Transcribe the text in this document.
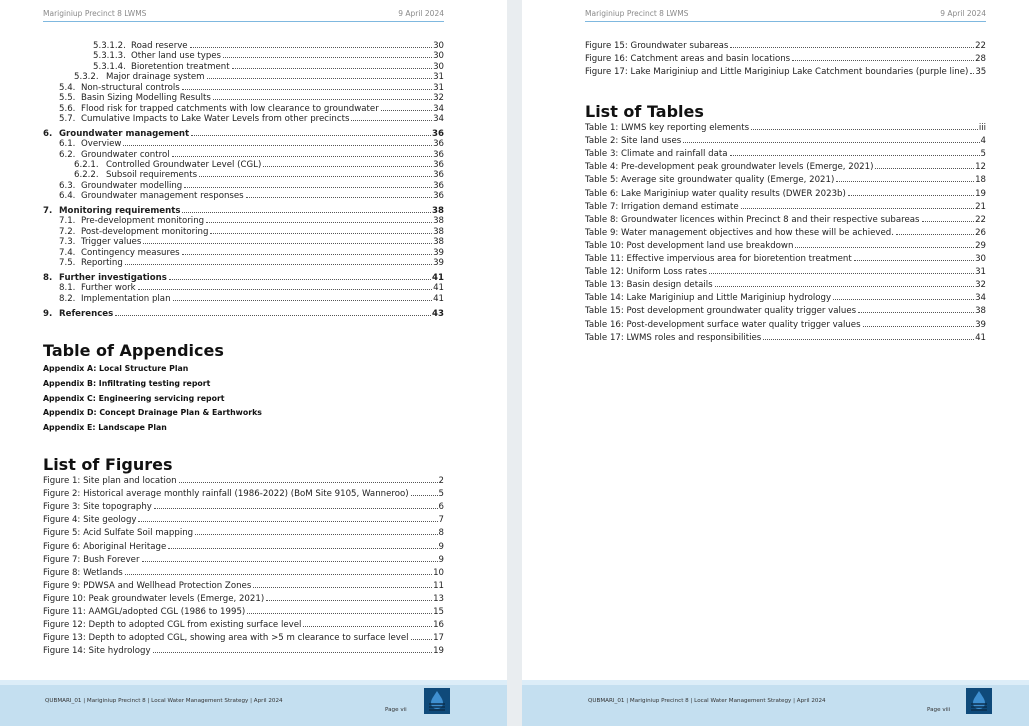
Mariginiup Precinct 8 LWMS	9 April 2024
5.3.1.2. Road reserve	30
5.3.1.3. Other land use types	30
5.3.1.4. Bioretention treatment	30
5.3.2. Major drainage system	31
5.4. Non-structural controls	31
5.5. Basin Sizing Modelling Results	32
5.6. Flood risk for trapped catchments with low clearance to groundwater	34
5.7. Cumulative Impacts to Lake Water Levels from other precincts	34
6. Groundwater management	36
6.1. Overview	36
6.2. Groundwater control	36
6.2.1. Controlled Groundwater Level (CGL)	36
6.2.2. Subsoil requirements	36
6.3. Groundwater modelling	36
6.4. Groundwater management responses	36
7. Monitoring requirements	38
7.1. Pre-development monitoring	38
7.2. Post-development monitoring	38
7.3. Trigger values	38
7.4. Contingency measures	39
7.5. Reporting	39
8. Further investigations	41
8.1. Further work	41
8.2. Implementation plan	41
9. References	43
Table of Appendices
Appendix A: Local Structure Plan
Appendix B: Infiltrating testing report
Appendix C: Engineering servicing report
Appendix D: Concept Drainage Plan & Earthworks
Appendix E: Landscape Plan
List of Figures
Figure 1: Site plan and location	2
Figure 2: Historical average monthly rainfall (1986-2022) (BoM Site 9105, Wanneroo)	5
Figure 3: Site topography	6
Figure 4: Site geology	7
Figure 5: Acid Sulfate Soil mapping	8
Figure 6: Aboriginal Heritage	9
Figure 7: Bush Forever	9
Figure 8: Wetlands	10
Figure 9: PDWSA and Wellhead Protection Zones	11
Figure 10: Peak groundwater levels (Emerge, 2021)	13
Figure 11: AAMGL/adopted CGL (1986 to 1995)	15
Figure 12: Depth to adopted CGL from existing surface level	16
Figure 13: Depth to adopted CGL, showing area with >5 m clearance to surface level	17
Figure 14: Site hydrology	19
QUBMARI_01 | Mariginiup Precinct 8 | Local Water Management Strategy | April 2024
Page vii
Mariginiup Precinct 8 LWMS	9 April 2024
Figure 15: Groundwater subareas	22
Figure 16: Catchment areas and basin locations	28
Figure 17: Lake Mariginiup and Little Mariginiup Lake Catchment boundaries (purple line) 35
List of Tables
Table 1: LWMS key reporting elements	iii
Table 2: Site land uses	4
Table 3: Climate and rainfall data	5
Table 4: Pre-development peak groundwater levels (Emerge, 2021)	12
Table 5: Average site groundwater quality (Emerge, 2021)	18
Table 6: Lake Mariginiup water quality results (DWER 2023b)	19
Table 7: Irrigation demand estimate	21
Table 8: Groundwater licences within Precinct 8 and their respective subareas	22
Table 9: Water management objectives and how these will be achieved.	26
Table 10: Post development land use breakdown	29
Table 11: Effective impervious area for bioretention treatment	30
Table 12: Uniform Loss rates	31
Table 13: Basin design details	32
Table 14: Lake Mariginiup and Little Mariginiup hydrology	34
Table 15: Post development groundwater quality trigger values	38
Table 16: Post-development surface water quality trigger values	39
Table 17: LWMS roles and responsibilities	41
QUBMARI_01 | Mariginiup Precinct 8 | Local Water Management Strategy | April 2024
Page viii
